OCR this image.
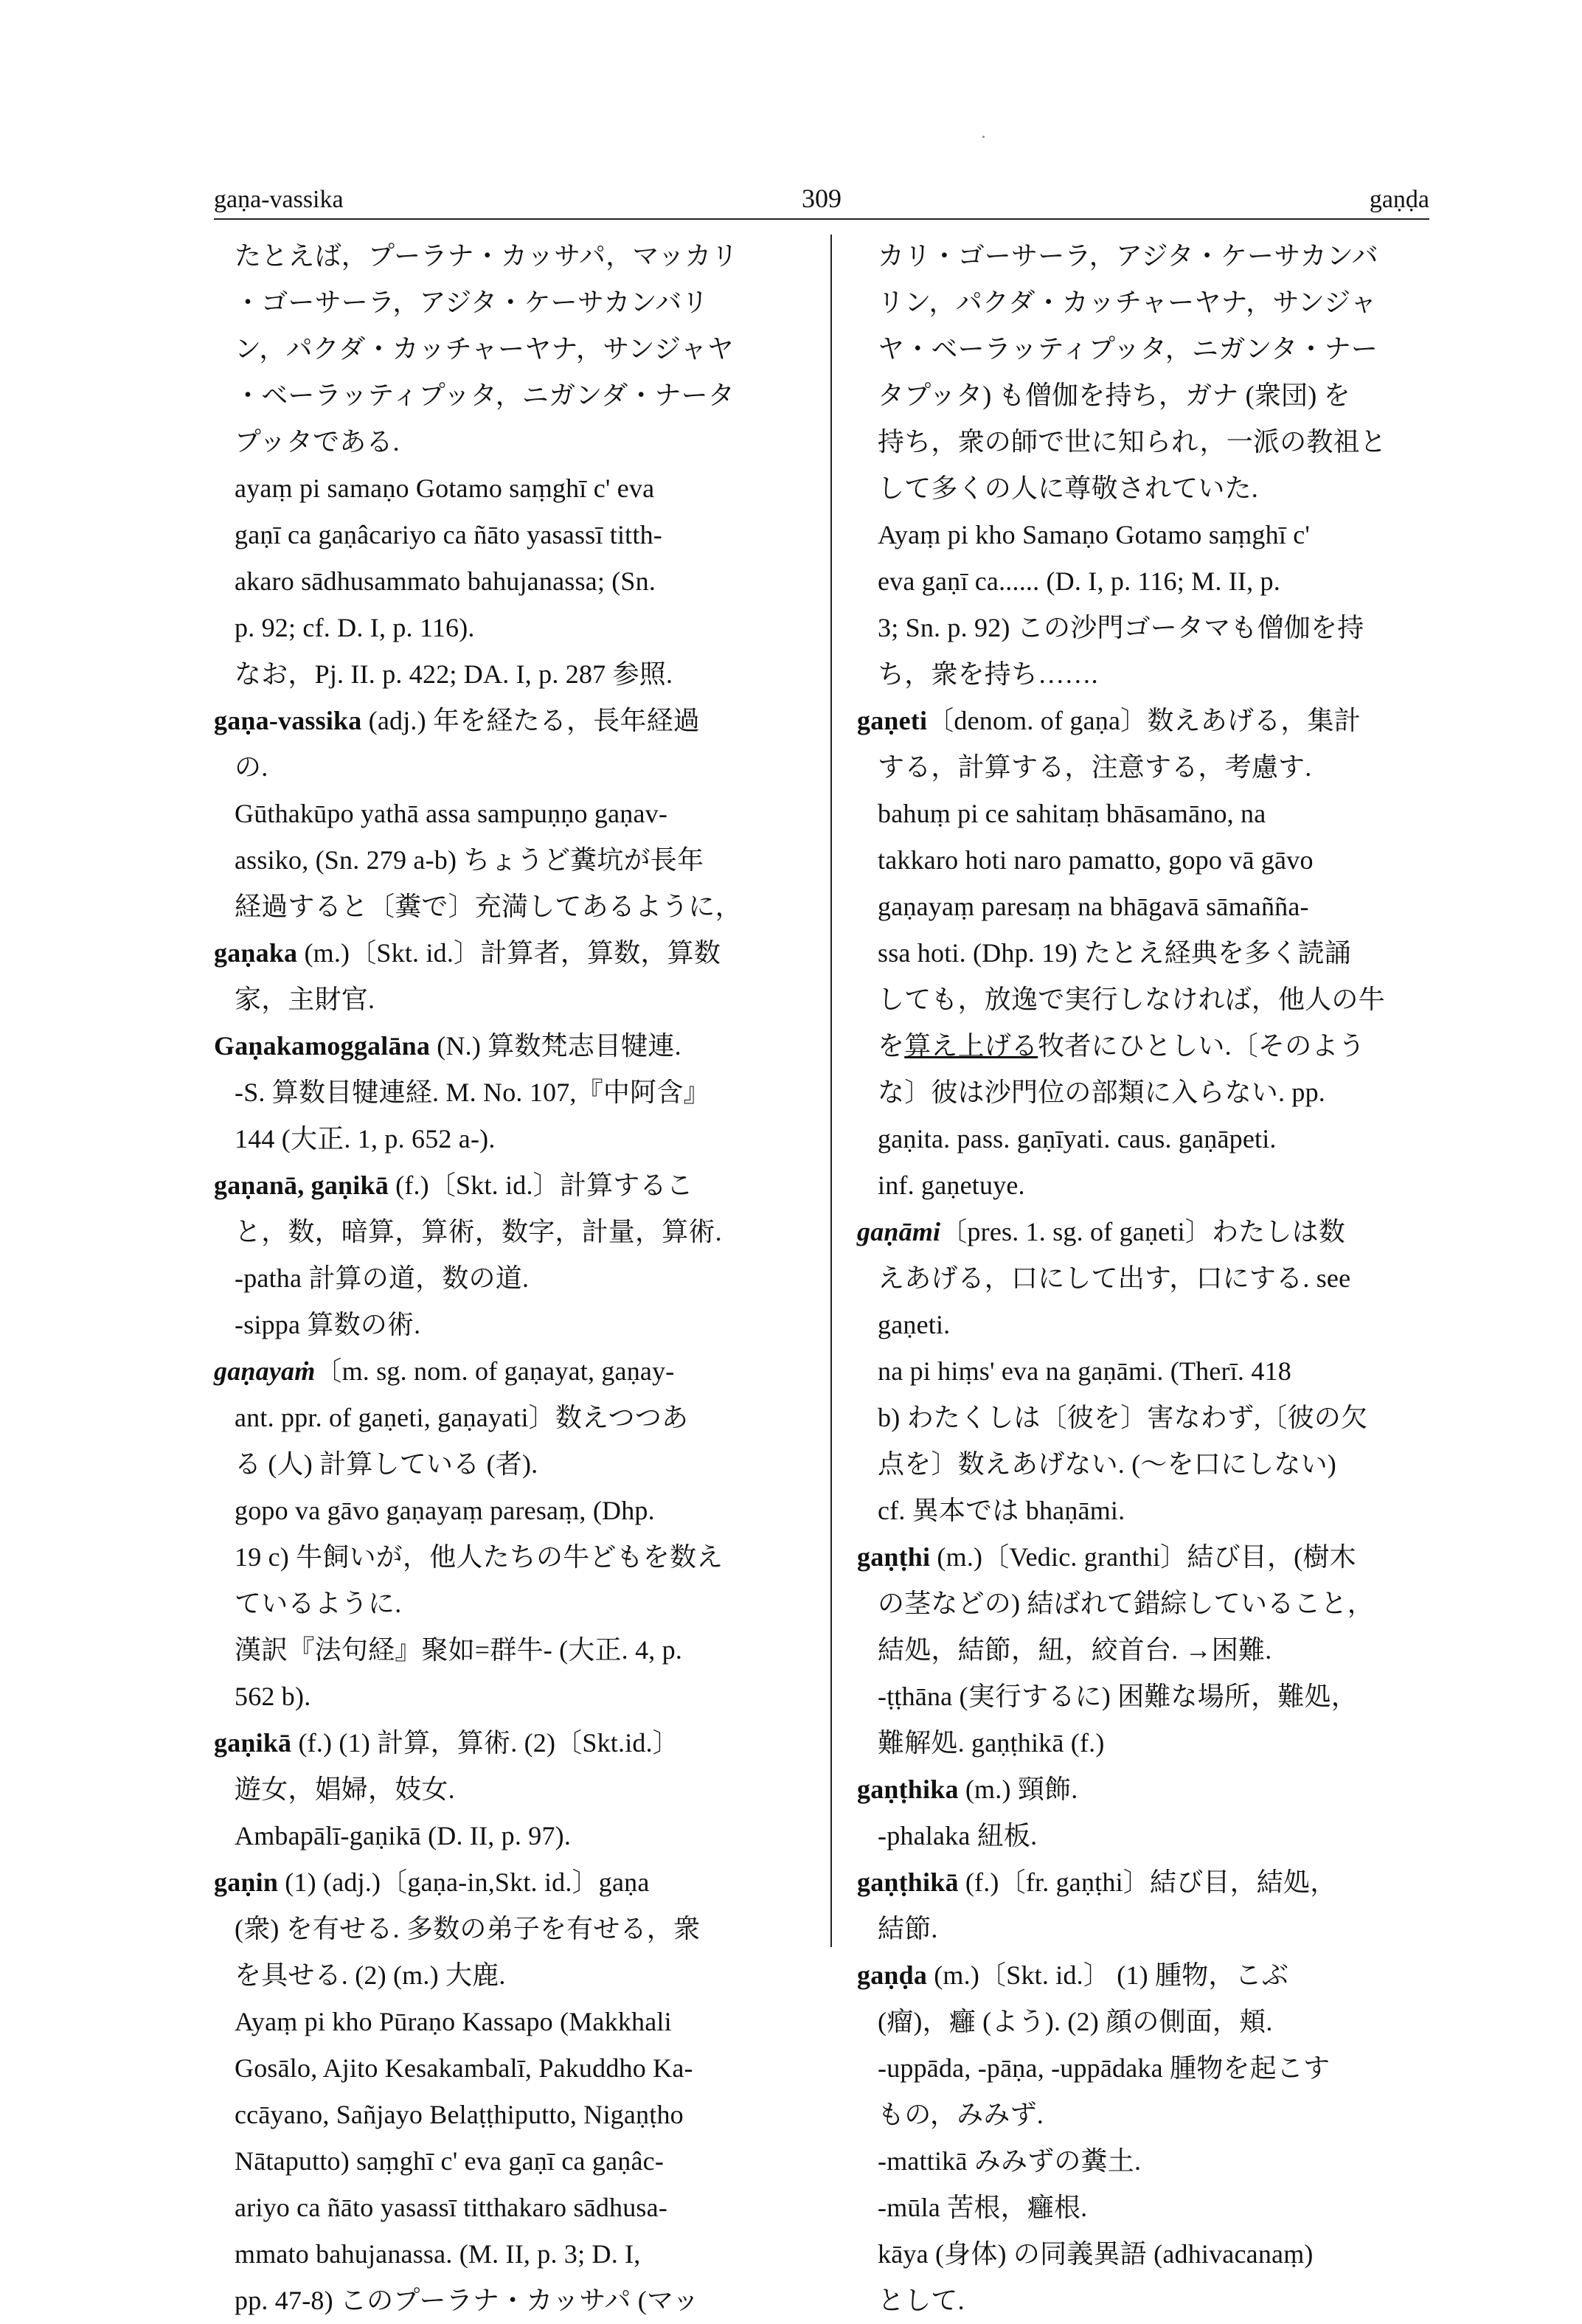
gaṇa-vassika	309	gaṇḍa
たとえば，プーラナ・カッサパ，マッカリ
・ゴーサーラ，アジタ・ケーサカンバリ
ン，パクダ・カッチャーヤナ，サンジャヤ
・ベーラッティプッタ，ニガンダ・ナータ
プッタである.
ayaṃ pi samaṇo Gotamo saṃghī c' eva
gaṇī ca gaṇâcariyo ca ñāto yasassī titth-
akaro sādhusammato bahujanassa; (Sn.
p. 92; cf. D. I, p. 116).
なお，Pj. II. p. 422; DA. I, p. 287 参照.
gaṇa-vassika (adj.) 年を経たる，長年経過
の.
Gūthakūpo yathā assa sampuṇṇo gaṇav-
assiko, (Sn. 279 a-b) ちょうど糞坑が長年
経過すると〔糞で〕充満してあるように，
gaṇaka (m.)〔Skt. id.〕計算者，算数，算数
家，主財官.
Gaṇakamoggalāna (N.) 算数梵志目犍連.
-S. 算数目犍連経. M. No. 107,『中阿含』
144 (大正. 1, p. 652 a-).
gaṇanā, gaṇikā (f.)〔Skt. id.〕計算するこ
と，数，暗算，算術，数字，計量，算術.
-patha 計算の道，数の道.
-sippa 算数の術.
gaṇayaṁ〔m. sg. nom. of gaṇayat, gaṇay-
ant. ppr. of gaṇeti, gaṇayati〕数えつつあ
る (人) 計算している (者).
gopo va gāvo gaṇayaṃ paresaṃ, (Dhp.
19 c) 牛飼いが，他人たちの牛どもを数え
ているように.
漢訳『法句経』聚如=群牛- (大正. 4, p.
562 b).
gaṇikā (f.) (1) 計算，算術. (2)〔Skt.id.〕
遊女，娼婦，妓女.
Ambapālī-gaṇikā (D. II, p. 97).
gaṇin (1) (adj.)〔gaṇa-in,Skt. id.〕gaṇa
(衆) を有せる. 多数の弟子を有せる，衆
を具せる. (2) (m.) 大鹿.
Ayaṃ pi kho Pūraṇo Kassapo (Makkhali
Gosālo, Ajito Kesakambalī, Pakuddho Ka-
ccāyano, Sañjayo Belaṭṭhiputto, Nigaṇṭho
Nātaputto) saṃghī c' eva gaṇī ca gaṇâc-
ariyo ca ñāto yasassī titthakaro sādhusa-
mmato bahujanassa. (M. II, p. 3; D. I,
pp. 47-8) このプーラナ・カッサパ (マッ
カリ・ゴーサーラ，アジタ・ケーサカンバ
リン，パクダ・カッチャーヤナ，サンジャ
ヤ・ベーラッティプッタ，ニガンタ・ナー
タプッタ) も僧伽を持ち，ガナ (衆団) を
持ち，衆の師で世に知られ，一派の教祖と
して多くの人に尊敬されていた.
Ayaṃ pi kho Samaṇo Gotamo saṃghī c'
eva gaṇī ca...... (D. I, p. 116; M. II, p.
3; Sn. p. 92) この沙門ゴータマも僧伽を持
ち，衆を持ち…….
gaṇeti〔denom. of gaṇa〕数えあげる，集計
する，計算する，注意する，考慮す.
bahuṃ pi ce sahitaṃ bhāsamāno, na
takkaro hoti naro pamatto, gopo vā gāvo
gaṇayaṃ paresaṃ na bhāgavā sāmañña-
ssa hoti. (Dhp. 19) たとえ経典を多く読誦
しても，放逸で実行しなければ，他人の牛
を算え上げる牧者にひとしい.〔そのよう
な〕彼は沙門位の部類に入らない. pp.
gaṇita. pass. gaṇīyati. caus. gaṇāpeti.
inf. gaṇetuye.
gaṇāmi〔pres. 1. sg. of gaṇeti〕わたしは数
えあげる，口にして出す，口にする. see
gaṇeti.
na pi hiṃs' eva na gaṇāmi. (Therī. 418
b) わたくしは〔彼を〕害なわず,〔彼の欠
点を〕数えあげない. (〜を口にしない)
cf. 異本では bhaṇāmi.
gaṇṭhi (m.)〔Vedic. granthi〕結び目，(樹木
の茎などの) 結ばれて錯綜していること，
結処，結節，紐，絞首台. →困難.
-ṭṭhāna (実行するに) 困難な場所，難処，
難解処. gaṇṭhikā (f.)
gaṇṭhika (m.) 頸飾.
-phalaka 紐板.
gaṇṭhikā (f.)〔fr. gaṇṭhi〕結び目，結処，
結節.
gaṇḍa (m.)〔Skt. id.〕 (1) 腫物，こぶ
(瘤)，癰 (よう). (2) 顔の側面，頬.
-uppāda, -pāṇa, -uppādaka 腫物を起こす
もの，みみず.
-mattikā みみずの糞土.
-mūla 苦根，癰根.
kāya (身体) の同義異語 (adhivacanaṃ)
として.
